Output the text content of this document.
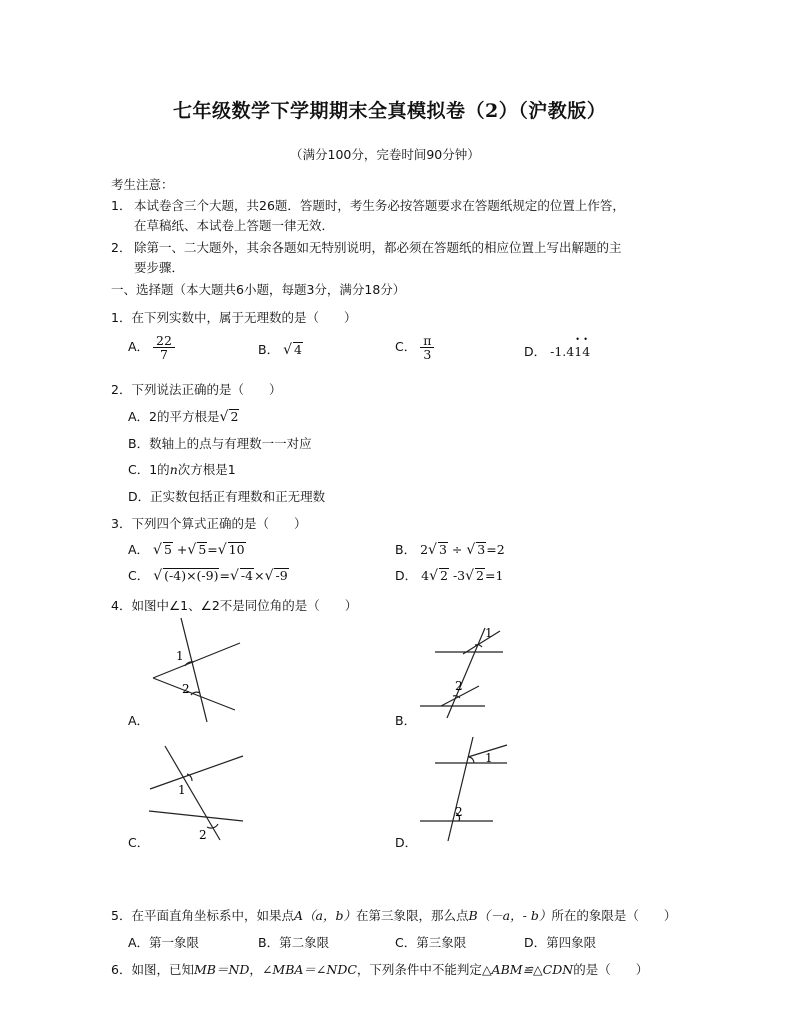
七年级数学下学期期末全真模拟卷（2）（沪教版）
（满分100分，完卷时间90分钟）
考生注意：
1． 本试卷含三个大题，共26题．答题时，考生务必按答题要求在答题纸规定的位置上作答，
在草稿纸、本试卷上答题一律无效．
2． 除第一、二大题外，其余各题如无特别说明，都必须在答题纸的相应位置上写出解题的主
要步骤．
一、选择题（本大题共6小题，每题3分，满分18分）
1．在下列实数中，属于无理数的是（　　）
A． $\frac{22}{7}$	B． √ 4	C． $\frac{\pi}{3}$	D． -1.4• 1• 4
2．下列说法正确的是（　　）
A．2的平方根是√ 2
B．数轴上的点与有理数一一对应
C．1的n次方根是1
D．正实数包括正有理数和正无理数
3．下列四个算式正确的是（　　）
A． √ 5 +√ 5=√ 10	B． 2√ 3 ÷ √ 3=2
C． √ (-4)×(-9)=√ -4×√ -9	D． 4√ 2 -3√ 2=1
4．如图中∠1、∠2不是同位角的是（　　）
1
2
A．
1
2
B．
1
2
C．
1
2
D．
5．在平面直角坐标系中，如果点A（a，b）在第三象限，那么点B（－a，- b）所在的象限是（　　）
A．第一象限	B．第二象限	C．第三象限	D．第四象限
6．如图，已知MB＝ND，∠MBA＝∠NDC，下列条件中不能判定△ABM≌△CDN的是（　　）
